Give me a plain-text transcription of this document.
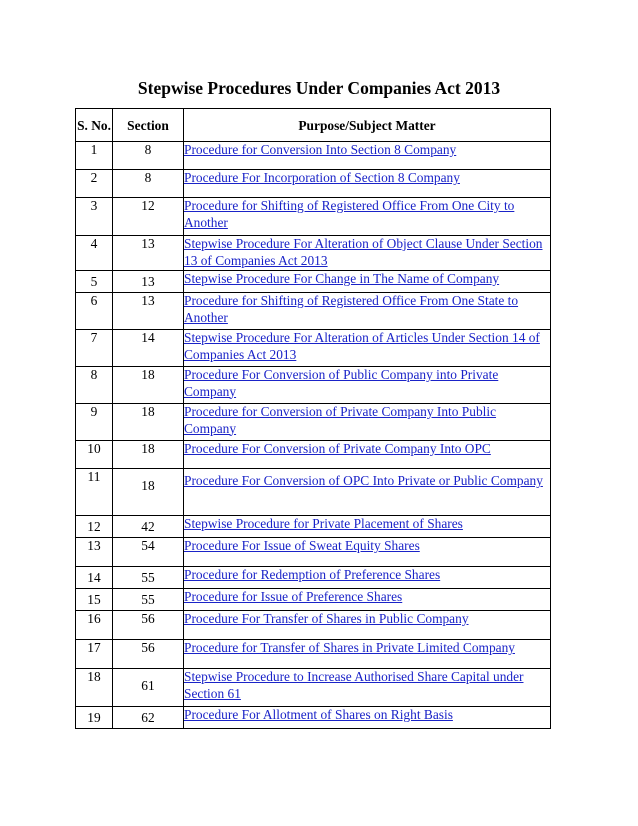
Stepwise Procedures Under Companies Act 2013
S. No.	Section	Purpose/Subject Matter
1	8	Procedure for Conversion Into Section 8 Company
2	8	Procedure For Incorporation of Section 8 Company
3	12	Procedure for Shifting of Registered Office From One City to Another
4	13	Stepwise Procedure For Alteration of Object Clause Under Section 13 of Companies Act 2013
5	13	Stepwise Procedure For Change in The Name of Company
6	13	Procedure for Shifting of Registered Office From One State to Another
7	14	Stepwise Procedure For Alteration of Articles Under Section 14 of Companies Act 2013
8	18	Procedure For Conversion of Public Company into Private Company
9	18	Procedure for Conversion of Private Company Into Public Company
10	18	Procedure For Conversion of Private Company Into OPC
11	18	Procedure For Conversion of OPC Into Private or Public Company
12	42	Stepwise Procedure for Private Placement of Shares
13	54	Procedure For Issue of Sweat Equity Shares
14	55	Procedure for Redemption of Preference Shares
15	55	Procedure for Issue of Preference Shares
16	56	Procedure For Transfer of Shares in Public Company
17	56	Procedure for Transfer of Shares in Private Limited Company
18	61	Stepwise Procedure to Increase Authorised Share Capital under Section 61
19	62	Procedure For Allotment of Shares on Right Basis
